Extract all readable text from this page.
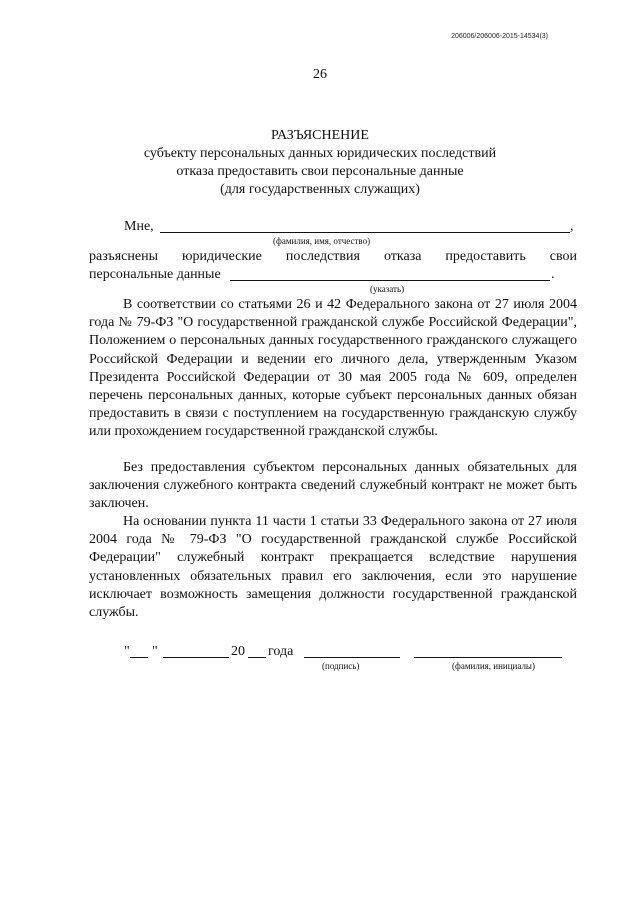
206006/206006-2015-14534(3)
26
РАЗЪЯСНЕНИЕ
субъекту персональных данных юридических последствий
отказа предоставить свои персональные данные
(для государственных служащих)
Мне,	,
(фамилия, имя, отчество)
разъяснены юридические последствия отказа предоставить свои
персональные данные	.
(указать)

В соответствии со статьями 26 и 42 Федерального закона от 27 июля 2004 года № 79-ФЗ "О государственной гражданской службе Российской Федерации", Положением о персональных данных государственного гражданского служащего Российской Федерации и ведении его личного дела, утвержденным Указом Президента Российской Федерации от 30 мая 2005 года № 609, определен перечень персональных данных, которые субъект персональных данных обязан предоставить в связи с поступлением на государственную гражданскую службу или прохождением государственной гражданской службы.

Без предоставления субъектом персональных данных обязательных для заключения служебного контракта сведений служебный контракт не может быть заключен.

На основании пункта 11 части 1 статьи 33 Федерального закона от 27 июля 2004 года № 79-ФЗ "О государственной гражданской службе Российской Федерации" служебный контракт прекращается вследствие нарушения установленных обязательных правил его заключения, если это нарушение исключает возможность замещения должности государственной гражданской службы.

" "	20 года
(подпись)	(фамилия, инициалы)
